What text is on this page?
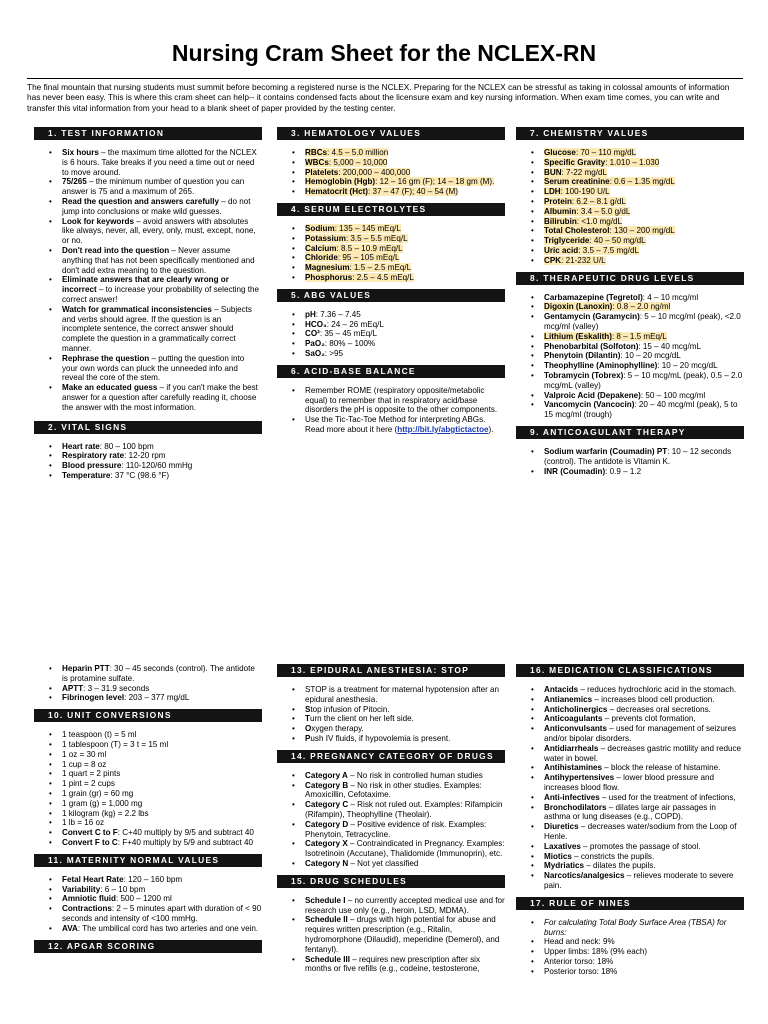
Nursing Cram Sheet for the NCLEX-RN

The final mountain that nursing students must summit before becoming a registered nurse is the NCLEX. Preparing for the NCLEX can be stressful as taking in colossal amounts of information has never been easy. This is where this cram sheet can help-- it contains condensed facts about the licensure exam and key nursing information. When exam time comes, you can write and transfer this vital information from your head to a blank sheet of paper provided by the testing center.

1. TEST INFORMATION
• Six hours – the maximum time allotted for the NCLEX is 6 hours. Take breaks if you need a time out or need to move around.
• 75/265 – the minimum number of question you can answer is 75 and a maximum of 265.
• Read the question and answers carefully – do not jump into conclusions or make wild guesses.
• Look for keywords – avoid answers with absolutes like always, never, all, every, only, must, except, none, or no.
• Don't read into the question – Never assume anything that has not been specifically mentioned and don't add extra meaning to the question.
• Eliminate answers that are clearly wrong or incorrect – to increase your probability of selecting the correct answer!
• Watch for grammatical inconsistencies – Subjects and verbs should agree. If the question is an incomplete sentence, the correct answer should complete the question in a grammatically correct manner.
• Rephrase the question – putting the question into your own words can pluck the unneeded info and reveal the core of the stem.
• Make an educated guess – if you can't make the best answer for a question after carefully reading it, choose the answer with the most information.
2. VITAL SIGNS
• Heart rate: 80 – 100 bpm
• Respiratory rate: 12-20 rpm
• Blood pressure: 110-120/60 mmHg
• Temperature: 37 °C (98.6 °F)
3. HEMATOLOGY VALUES
• RBCs: 4.5 – 5.0 million
• WBCs: 5,000 – 10,000
• Platelets: 200,000 – 400,000
• Hemoglobin (Hgb): 12 – 16 gm (F); 14 – 18 gm (M).
• Hematocrit (Hct): 37 – 47 (F); 40 – 54 (M)
4. SERUM ELECTROLYTES
• Sodium: 135 – 145 mEq/L
• Potassium: 3.5 – 5.5 mEq/L
• Calcium: 8.5 – 10.9 mEq/L
• Chloride: 95 – 105 mEq/L
• Magnesium: 1.5 – 2.5 mEq/L
• Phosphorus: 2.5 – 4.5 mEq/L
5. ABG VALUES
• pH: 7.36 – 7.45
• HCO₃: 24 – 26 mEq/L
• CO²: 35 – 45 mEq/L
• PaO₂: 80% – 100%
• SaO₂: >95
6. ACID-BASE BALANCE
• Remember ROME (respiratory opposite/metabolic equal) to remember that in respiratory acid/base disorders the pH is opposite to the other components.
• Use the Tic-Tac-Toe Method for interpreting ABGs. Read more about it here (http://bit.ly/abgtictactoe).
7. CHEMISTRY VALUES
• Glucose: 70 – 110 mg/dL
• Specific Gravity: 1.010 – 1.030
• BUN: 7-22 mg/dL
• Serum creatinine: 0.6 – 1.35 mg/dL
• LDH: 100-190 U/L
• Protein: 6.2 – 8.1 g/dL
• Albumin: 3.4 – 5.0 g/dL
• Bilirubin: <1.0 mg/dL
• Total Cholesterol: 130 – 200 mg/dL
• Triglyceride: 40 – 50 mg/dL
• Uric acid: 3.5 – 7.5 mg/dL
• CPK: 21-232 U/L
8. THERAPEUTIC DRUG LEVELS
• Carbamazepine (Tegretol): 4 – 10 mcg/ml
• Digoxin (Lanoxin): 0.8 – 2.0 ng/ml
• Gentamycin (Garamycin): 5 – 10 mcg/ml (peak), <2.0 mcg/ml (valley)
• Lithium (Eskalith): 8 – 1.5 mEq/L
• Phenobarbital (Solfoton): 15 – 40 mcg/mL
• Phenytoin (Dilantin): 10 – 20 mcg/dL
• Theophylline (Aminophylline): 10 – 20 mcg/dL
• Tobramycin (Tobrex): 5 – 10 mcg/mL (peak), 0.5 – 2.0 mcg/mL (valley)
• Valproic Acid (Depakene): 50 – 100 mcg/ml
• Vancomycin (Vancocin): 20 – 40 mcg/ml (peak), 5 to 15 mcg/ml (trough)
9. ANTICOAGULANT THERAPY
• Sodium warfarin (Coumadin) PT: 10 – 12 seconds (control). The antidote is Vitamin K.
• INR (Coumadin): 0.9 – 1.2
• Heparin PTT: 30 – 45 seconds (control). The antidote is protamine sulfate.
• APTT: 3 – 31.9 seconds
• Fibrinogen level: 203 – 377 mg/dL
10. UNIT CONVERSIONS
• 1 teaspoon (t) = 5 ml
• 1 tablespoon (T) = 3 t = 15 ml
• 1 oz = 30 ml
• 1 cup = 8 oz
• 1 quart = 2 pints
• 1 pint = 2 cups
• 1 grain (gr) = 60 mg
• 1 gram (g) = 1,000 mg
• 1 kilogram (kg) = 2.2 lbs
• 1 lb = 16 oz
• Convert C to F: C+40 multiply by 9/5 and subtract 40
• Convert F to C: F+40 multiply by 5/9 and subtract 40
11. MATERNITY NORMAL VALUES
• Fetal Heart Rate: 120 – 160 bpm
• Variability: 6 – 10 bpm
• Amniotic fluid: 500 – 1200 ml
• Contractions: 2 – 5 minutes apart with duration of < 90 seconds and intensity of <100 mmHg.
• AVA: The umbilical cord has two arteries and one vein.
12. APGAR SCORING
13. EPIDURAL ANESTHESIA: STOP
• STOP is a treatment for maternal hypotension after an epidural anesthesia.
• Stop infusion of Pitocin.
• Turn the client on her left side.
• Oxygen therapy.
• Push IV fluids, if hypovolemia is present.
14. PREGNANCY CATEGORY OF DRUGS
• Category A – No risk in controlled human studies
• Category B – No risk in other studies. Examples: Amoxicillin, Cefotaxime.
• Category C – Risk not ruled out. Examples: Rifampicin (Rifampin), Theophylline (Theolair).
• Category D – Positive evidence of risk. Examples: Phenytoin, Tetracycline.
• Category X – Contraindicated in Pregnancy. Examples: Isotretinoin (Accutane), Thalidomide (Immunoprin), etc.
• Category N – Not yet classified
15. DRUG SCHEDULES
• Schedule I – no currently accepted medical use and for research use only (e.g., heroin, LSD, MDMA).
• Schedule II – drugs with high potential for abuse and requires written prescription (e.g., Ritalin, hydromorphone (Dilaudid), meperidine (Demerol), and fentanyl).
• Schedule III – requires new prescription after six months or five refills (e.g., codeine, testosterone,
16. MEDICATION CLASSIFICATIONS
• Antacids – reduces hydrochloric acid in the stomach.
• Antianemics – increases blood cell production.
• Anticholinergics – decreases oral secretions.
• Anticoagulants – prevents clot formation,
• Anticonvulsants – used for management of seizures and/or bipolar disorders.
• Antidiarrheals – decreases gastric motility and reduce water in bowel.
• Antihistamines – block the release of histamine.
• Antihypertensives – lower blood pressure and increases blood flow.
• Anti-infectives – used for the treatment of infections,
• Bronchodilators – dilates large air passages in asthma or lung diseases (e.g., COPD).
• Diuretics – decreases water/sodium from the Loop of Henle.
• Laxatives – promotes the passage of stool.
• Miotics – constricts the pupils.
• Mydriatics – dilates the pupils.
• Narcotics/analgesics – relieves moderate to severe pain.
17. RULE OF NINES
• For calculating Total Body Surface Area (TBSA) for burns:
• Head and neck: 9%
• Upper limbs: 18% (9% each)
• Anterior torso: 18%
• Posterior torso: 18%
